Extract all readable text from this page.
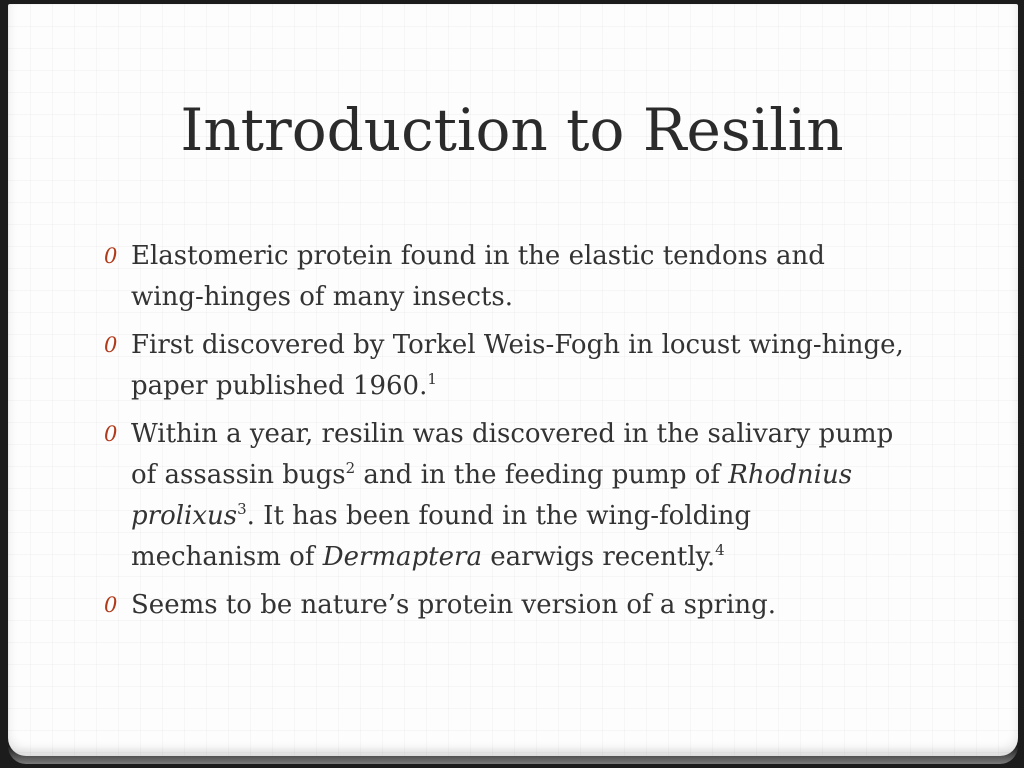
Introduction to Resilin
0 Elastomeric protein found in the elastic tendons and wing-hinges of many insects.
0 First discovered by Torkel Weis-Fogh in locust wing-hinge, paper published 1960.$^1$
0 Within a year, resilin was discovered in the salivary pump of assassin bugs$^2$ and in the feeding pump of Rhodnius prolixus$^3$. It has been found in the wing-folding mechanism of Dermaptera earwigs recently.$^4$
0 Seems to be nature’s protein version of a spring.
